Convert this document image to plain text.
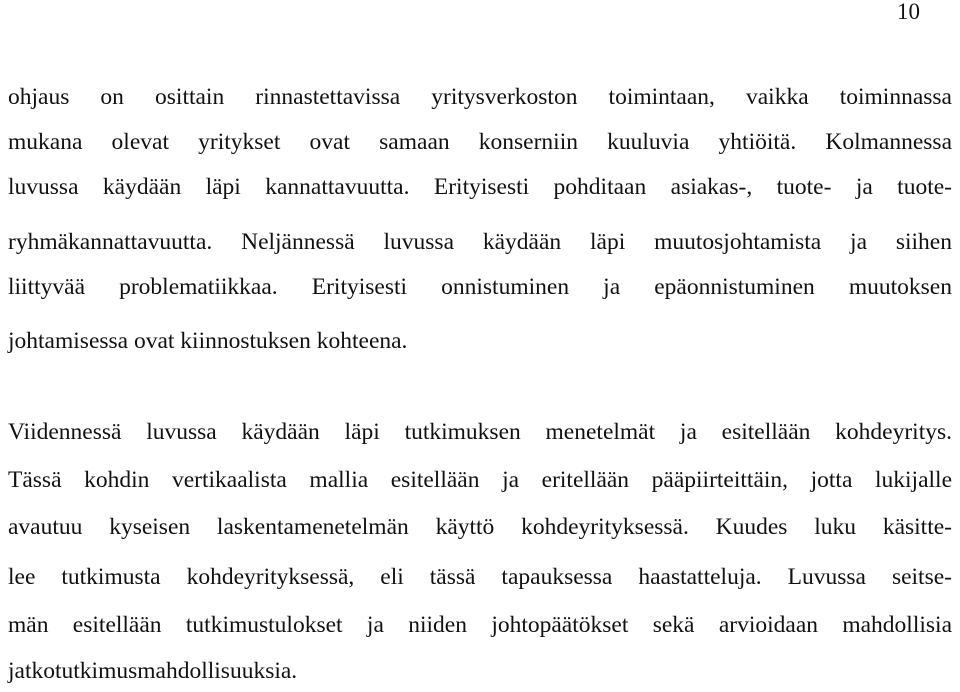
10
ohjaus on osittain rinnastettavissa yritysverkoston toimintaan, vaikka toiminnassa
mukana olevat yritykset ovat samaan konserniin kuuluvia yhtiöitä. Kolmannessa
luvussa käydään läpi kannattavuutta. Erityisesti pohditaan asiakas-, tuote- ja tuote-
ryhmäkannattavuutta. Neljännessä luvussa käydään läpi muutosjohtamista ja siihen
liittyvää problematiikkaa. Erityisesti onnistuminen ja epäonnistuminen muutoksen
johtamisessa ovat kiinnostuksen kohteena.
Viidennessä luvussa käydään läpi tutkimuksen menetelmät ja esitellään kohdeyritys.
Tässä kohdin vertikaalista mallia esitellään ja eritellään pääpiirteittäin, jotta lukijalle
avautuu kyseisen laskentamenetelmän käyttö kohdeyrityksessä. Kuudes luku käsitte-
lee tutkimusta kohdeyrityksessä, eli tässä tapauksessa haastatteluja. Luvussa seitse-
män esitellään tutkimustulokset ja niiden johtopäätökset sekä arvioidaan mahdollisia
jatkotutkimusmahdollisuuksia.
